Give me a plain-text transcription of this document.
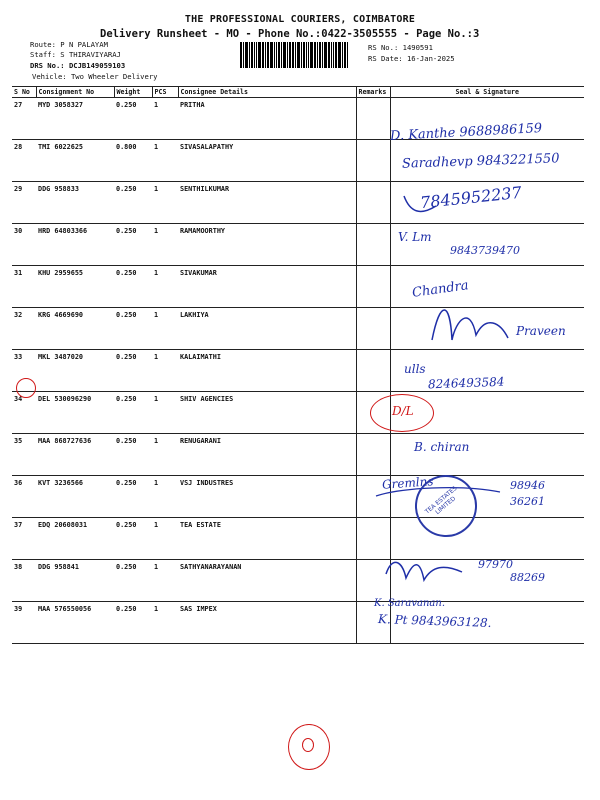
THE PROFESSIONAL COURIERS, COIMBATORE
Delivery Runsheet - MO - Phone No.:0422-3505555 - Page No.:3
Route: P N PALAYAM
Staff: S THIRAVIYARAJ
DRS No.: DCJB149059103
Vehicle: Two Wheeler Delivery
RS No.: 1490591
RS Date: 16-Jan-2025
S No	Consignment No	Weight	PCS	Consignee Details	Remarks	Seal & Signature
27	MYD 3058327	0.250	1	PRITHA		
28	TMI 6022625	0.800	1	SIVASALAPATHY		
29	DDG 958833	0.250	1	SENTHILKUMAR		
30	HRD 64803366	0.250	1	RAMAMOORTHY		
31	KHU 2959655	0.250	1	SIVAKUMAR		
32	KRG 4669690	0.250	1	LAKHIYA		
33	MKL 3487020	0.250	1	KALAIMATHI		
34	DEL 530096290	0.250	1	SHIV AGENCIES		
35	MAA 868727636	0.250	1	RENUGARANI		
36	KVT 3236566	0.250	1	VSJ INDUSTRES		
37	EDQ 20608031	0.250	1	TEA ESTATE		
38	DDG 958841	0.250	1	SATHYANARAYANAN		
39	MAA 576550056	0.250	1	SAS IMPEX		
D. Kanthe 9688986159
Saradhevp 9843221550
7845952237
V. Lm
9843739470
Chandra
Praveen
ulls
8246493584
D/L
B. chiran
Gremlns	98946 36261
97970
88269
K. Saravanan.
K. Pt 9843963128.
TEA ESTATES LIMITED
